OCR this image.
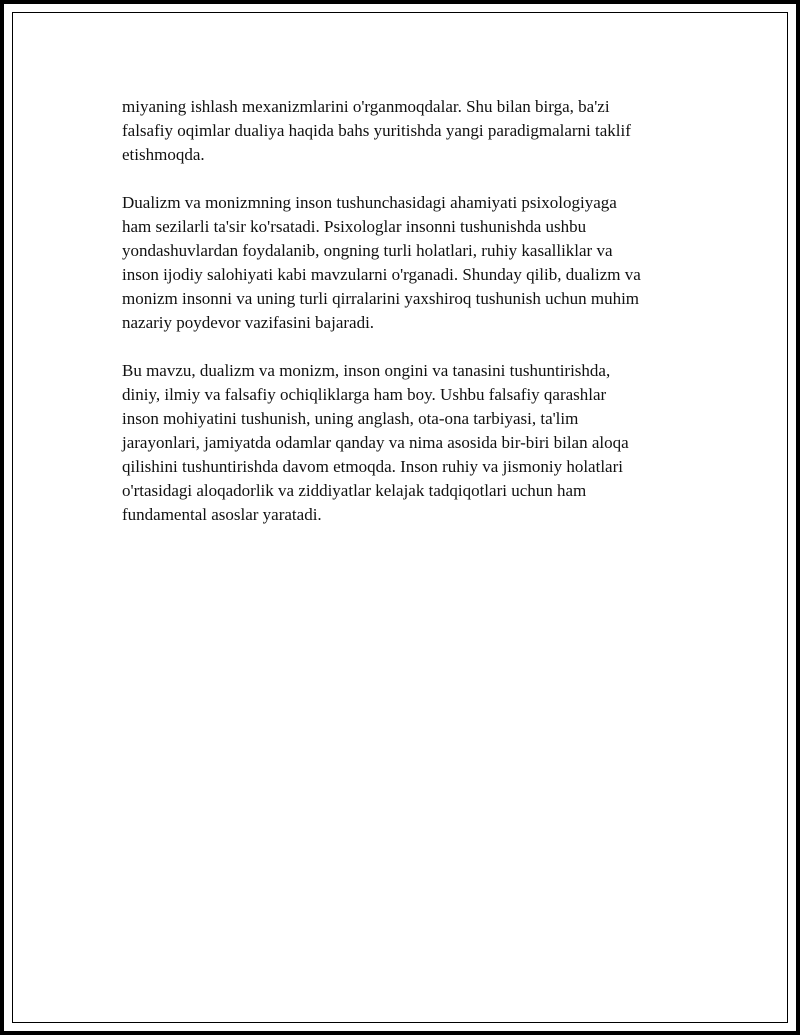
miyaning ishlash mexanizmlarini o'rganmoqdalar. Shu bilan birga, ba'zi
falsafiy oqimlar dualiya haqida bahs yuritishda yangi paradigmalarni taklif
etishmoqda.

Dualizm va monizmning inson tushunchasidagi ahamiyati psixologiyaga
ham sezilarli ta'sir ko'rsatadi. Psixologlar insonni tushunishda ushbu
yondashuvlardan foydalanib, ongning turli holatlari, ruhiy kasalliklar va
inson ijodiy salohiyati kabi mavzularni o'rganadi. Shunday qilib, dualizm va
monizm insonni va uning turli qirralarini yaxshiroq tushunish uchun muhim
nazariy poydevor vazifasini bajaradi.

Bu mavzu, dualizm va monizm, inson ongini va tanasini tushuntirishda,
diniy, ilmiy va falsafiy ochiqliklarga ham boy. Ushbu falsafiy qarashlar
inson mohiyatini tushunish, uning anglash, ota-ona tarbiyasi, ta'lim
jarayonlari, jamiyatda odamlar qanday va nima asosida bir-biri bilan aloqa
qilishini tushuntirishda davom etmoqda. Inson ruhiy va jismoniy holatlari
o'rtasidagi aloqadorlik va ziddiyatlar kelajak tadqiqotlari uchun ham
fundamental asoslar yaratadi.
